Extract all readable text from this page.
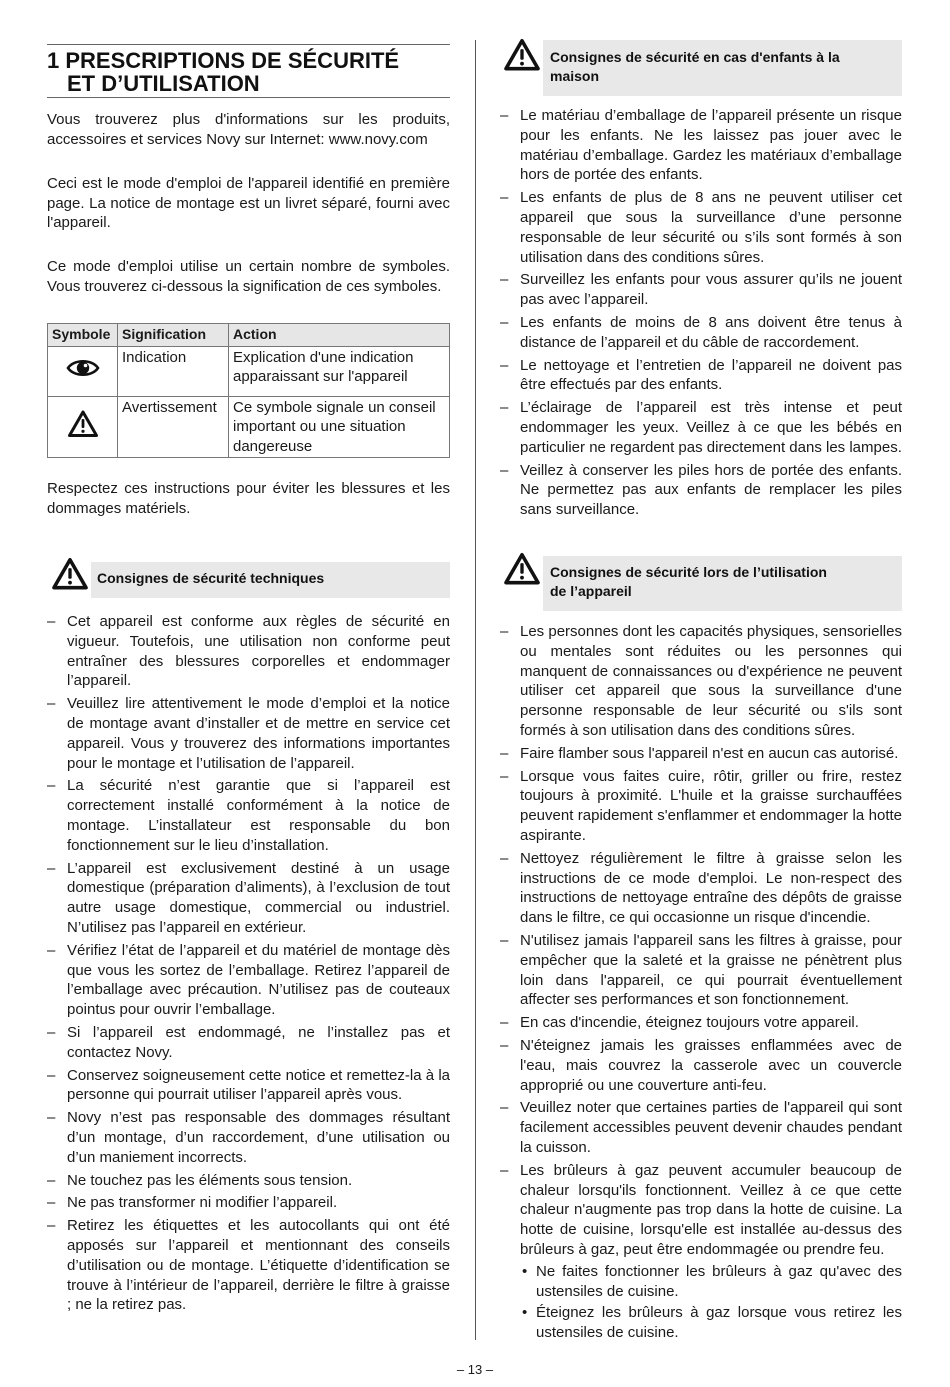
1 PRESCRIPTIONS DE SÉCURITÉ
ET D’UTILISATION

Vous trouverez plus d'informations sur les produits, accessoires et services Novy sur Internet: www.novy.com

Ceci est le mode d'emploi de l'appareil identifié en première page. La notice de montage est un livret séparé, fourni avec l'appareil.

Ce mode d'emploi utilise un certain nombre de symboles. Vous trouverez ci-dessous la signification de ces symboles.

Symbole	Signification	Action
	Indication	Explication d'une indication apparaissant sur l'appareil
	Avertissement	Ce symbole signale un conseil important ou une situation dangereuse

Respectez ces instructions pour éviter les blessures et les dommages matériels.

Consignes de sécurité techniques
– Cet appareil est conforme aux règles de sécurité en vigueur. Toutefois, une utilisation non conforme peut entraîner des blessures corporelles et endommager l’appareil.
– Veuillez lire attentivement le mode d’emploi et la notice de montage avant d’installer et de mettre en service cet appareil. Vous y trouverez des informations importantes pour le montage et l’utilisation de l’appareil.
– La sécurité n’est garantie que si l’appareil est correctement installé conformément à la notice de montage. L’installateur est responsable du bon fonctionnement sur le lieu d’installation.
– L’appareil est exclusivement destiné à un usage domestique (préparation d’aliments), à l’exclusion de tout autre usage domestique, commercial ou industriel. N’utilisez pas l’appareil en extérieur.
– Vérifiez l’état de l’appareil et du matériel de montage dès que vous les sortez de l’emballage. Retirez l’appareil de l’emballage avec précaution. N’utilisez pas de couteaux pointus pour ouvrir l’emballage.
– Si l’appareil est endommagé, ne l’installez pas et contactez Novy.
– Conservez soigneusement cette notice et remettez-la à la personne qui pourrait utiliser l’appareil après vous.
– Novy n’est pas responsable des dommages résultant d’un montage, d’un raccordement, d’une utilisation ou d’un maniement incorrects.
– Ne touchez pas les éléments sous tension.
– Ne pas transformer ni modifier l’appareil.
– Retirez les étiquettes et les autocollants qui ont été apposés sur l’appareil et mentionnant des conseils d’utilisation ou de montage. L’étiquette d’identification se trouve à l’intérieur de l’appareil, derrière le filtre à graisse ; ne la retirez pas.
Consignes de sécurité en cas d'enfants à la maison
– Le matériau d’emballage de l’appareil présente un risque pour les enfants. Ne les laissez pas jouer avec le matériau d’emballage. Gardez les matériaux d’emballage hors de portée des enfants.
– Les enfants de plus de 8 ans ne peuvent utiliser cet appareil que sous la surveillance d’une personne responsable de leur sécurité ou s’ils sont formés à son utilisation dans des conditions sûres.
– Surveillez les enfants pour vous assurer qu’ils ne jouent pas avec l’appareil.
– Les enfants de moins de 8 ans doivent être tenus à distance de l’appareil et du câble de raccordement.
– Le nettoyage et l’entretien de l’appareil ne doivent pas être effectués par des enfants.
– L’éclairage de l’appareil est très intense et peut endommager les yeux. Veillez à ce que les bébés en particulier ne regardent pas directement dans les lampes.
– Veillez à conserver les piles hors de portée des enfants. Ne permettez pas aux enfants de remplacer les piles sans surveillance.
Consignes de sécurité lors de l’utilisation
de l’appareil
– Les personnes dont les capacités physiques, sensorielles ou mentales sont réduites ou les personnes qui manquent de connaissances ou d'expérience ne peuvent utiliser cet appareil que sous la surveillance d'une personne responsable de leur sécurité ou s'ils sont formés à son utilisation dans des conditions sûres.
– Faire flamber sous l'appareil n'est en aucun cas autorisé.
– Lorsque vous faites cuire, rôtir, griller ou frire, restez toujours à proximité. L'huile et la graisse surchauffées peuvent rapidement s'enflammer et endommager la hotte aspirante.
– Nettoyez régulièrement le filtre à graisse selon les instructions de ce mode d'emploi. Le non-respect des instructions de nettoyage entraîne des dépôts de graisse dans le filtre, ce qui occasionne un risque d'incendie.
– N'utilisez jamais l'appareil sans les filtres à graisse, pour empêcher que la saleté et la graisse ne pénètrent plus loin dans l'appareil, ce qui pourrait éventuellement affecter ses performances et son fonctionnement.
– En cas d'incendie, éteignez toujours votre appareil.
– N'éteignez jamais les graisses enflammées avec de l'eau, mais couvrez la casserole avec un couvercle approprié ou une couverture anti-feu.
– Veuillez noter que certaines parties de l'appareil qui sont facilement accessibles peuvent devenir chaudes pendant la cuisson.
– Les brûleurs à gaz peuvent accumuler beaucoup de chaleur lorsqu'ils fonctionnent. Veillez à ce que cette chaleur n'augmente pas trop dans la hotte de cuisine. La hotte de cuisine, lorsqu'elle est installée au-dessus des brûleurs à gaz, peut être endommagée ou prendre feu.
• Ne faites fonctionner les brûleurs à gaz qu'avec des ustensiles de cuisine.
• Éteignez les brûleurs à gaz lorsque vous retirez les ustensiles de cuisine.
– 13 –
